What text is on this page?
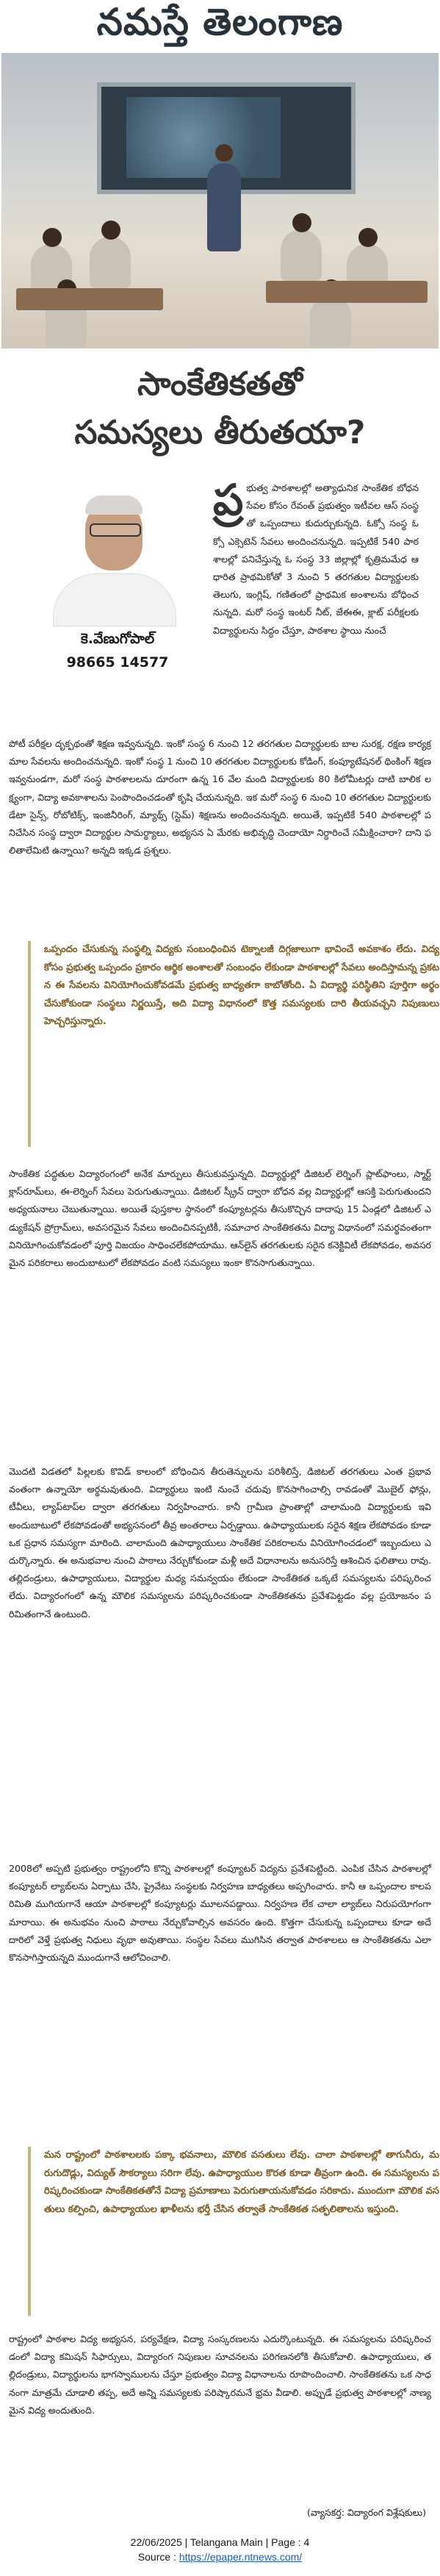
నమస్తే తెలంగాణ
సాంకేతికతతో
సమస్యలు తీరుతయా?
కె.వేణుగోపాల్
98665 14577
ప్ర భుత్వ పాఠశాలల్లో అత్యాధునిక సాంకేతిక బోధన సేవల కోసం రేవంత్ ప్రభుత్వం ఇటీవల ఆస్ సంస్థతో ఒప్పందాలు కుదుర్చుకున్నది. ఓక్సో సంస్థ ఓక్సో ఎక్సెటెన్ సేవలు అందించనున్నది. ఇప్పటికే 540 పాఠశాలల్లో పనిచేస్తున్న ఓ సంస్థ 33 జిల్లాల్లో కృత్రిమమేధ ఆధారిత ప్రాథమికోతో 3 నుంచి 5 తరగతుల విద్యార్థులకు తెలుగు, ఇంగ్లిష్, గణితంలో ప్రాథమిక అంశాలను బోధించనున్నది. మరో సంస్థ ఇంటర్ నీట్, జేఈఈ, క్లాట్ పరీక్షలకు విద్యార్థులను సిద్ధం చేస్తూ, పాఠశాల స్థాయి నుంచే
పోటీ పరీక్షల దృక్పథంతో శిక్షణ ఇవ్వనున్నది. ఇంకో సంస్థ 6 నుంచి 12 తరగతుల విద్యార్థులకు బాల సురక్ష, రక్షణ కార్యక్రమాల సేవలను అందించనున్నది. ఇంకో సంస్థ 1 నుంచి 10 తరగతుల విద్యార్థులకు కోడింగ్, కంప్యూటేషనల్ థింకింగ్ శిక్షణ ఇవ్వనుండగా, మరో సంస్థ పాఠశాలలను దూరంగా ఉన్న 16 వేల మంది విద్యార్థులకు 80 కిలోమీటర్లు దాటి బాలిక లక్ష్యంగా, విద్యా అవకాశాలను పెంపొందించడంతో కృషి చేయనున్నది. ఇక మరో సంస్థ 6 నుంచి 10 తరగతుల విద్యార్థులకు డేటా సైన్స్, రోబోటిక్స్, ఇంజినీరింగ్, మ్యాథ్స్ (స్టెమ్) శిక్షణను అందించనున్నది. అయితే, ఇప్పటికే 540 పాఠశాలల్లో పనిచేసిన సంస్థ ద్వారా విద్యార్థుల సామర్థ్యాలు, అభ్యసన ఏ మేరకు అభివృద్ధి చెందాయో నిర్ధారించే సమీక్షించారా? దాని ఫలితాలేమిటి ఉన్నాయి? అన్నది ఇక్కడ ప్రశ్నలు.
ఒప్పందం చేసుకున్న సంస్థల్ని విద్యకు సంబంధించిన టెక్నాలజీ దిగ్గజాలుగా భావించే అవకాశం లేదు. విద్య కోసం ప్రభుత్వ ఒప్పందం ప్రకారం ఆర్థిక అంశాలతో సంబంధం లేకుండా పాఠశాలల్లో సేవలు అందిస్తామన్న ప్రకటన ఈ సేవలను వినియోగించుకోవడమే ప్రభుత్వ బాధ్యతగా కాబోతోంది. ఏ విద్యార్థి పరిస్థితిని పూర్తిగా అర్థం చేసుకోకుండా సంస్థలు నిర్ణయిస్తే, అది విద్యా విధానంలో కొత్త సమస్యలకు దారి తీయవచ్చని నిపుణులు హెచ్చరిస్తున్నారు.
సాంకేతిక పద్ధతుల విద్యారంగంలో అనేక మార్పులు తీసుకువస్తున్నది. విద్యార్థుల్లో డిజిటల్ లెర్నింగ్ ప్లాట్‌ఫాంలు, స్మార్ట్ క్లాస్‌రూమ్‌లు, ఈ-లెర్నింగ్ సేవలు పెరుగుతున్నాయి. డిజిటల్ స్క్రీన్ ద్వారా బోధన వల్ల విద్యార్థుల్లో ఆసక్తి పెరుగుతుందని అధ్యయనాలు చెబుతున్నాయి. అయితే పుస్తకాల స్థానంలో కంప్యూటర్లను తీసుకొచ్చిన దాదాపు 15 ఏండ్లలో డిజిటల్ ఎడ్యుకేషన్ ప్రోగ్రామ్‌లు, అవసరమైన సేవలు అందించినప్పటికీ, సమాచార సాంకేతికతను విద్యా విధానంలో సమర్థవంతంగా వినియోగించుకోవడంలో పూర్తి విజయం సాధించలేకపోయాము. ఆన్‌లైన్ తరగతులకు సరైన కనెక్టివిటీ లేకపోవడం, అవసరమైన పరికరాలు అందుబాటులో లేకపోవడం వంటి సమస్యలు ఇంకా కొనసాగుతున్నాయి.
మొదటి విడతలో పిల్లలకు కొవిడ్ కాలంలో బోధించిన తీరుతెన్నులను పరిశీలిస్తే, డిజిటల్ తరగతులు ఎంత ప్రభావవంతంగా ఉన్నాయో అర్థమవుతుంది. విద్యార్థులు ఇంటి నుంచే చదువు కొనసాగించాల్సి రావడంతో మొబైల్ ఫోన్లు, టీవీలు, ల్యాప్‌టాప్‌ల ద్వారా తరగతులు నిర్వహించారు. కానీ గ్రామీణ ప్రాంతాల్లో చాలామంది విద్యార్థులకు ఇవి అందుబాటులో లేకపోవడంతో అభ్యసనంలో తీవ్ర అంతరాలు ఏర్పడ్డాయి. ఉపాధ్యాయులకు సరైన శిక్షణ లేకపోవడం కూడా ఒక ప్రధాన సమస్యగా మారింది. చాలామంది ఉపాధ్యాయులు సాంకేతిక పరికరాలను వినియోగించడంలో ఇబ్బందులు ఎదుర్కొన్నారు. ఈ అనుభవాల నుంచి పాఠాలు నేర్చుకోకుండా మళ్లీ అదే విధానాలను అనుసరిస్తే ఆశించిన ఫలితాలు రావు. తల్లిదండ్రులు, ఉపాధ్యాయులు, విద్యార్థుల మధ్య సమన్వయం లేకుండా సాంకేతికత ఒక్కటే సమస్యలను పరిష్కరించలేదు. విద్యారంగంలో ఉన్న మౌలిక సమస్యలను పరిష్కరించకుండా సాంకేతికతను ప్రవేశపెట్టడం వల్ల ప్రయోజనం పరిమితంగానే ఉంటుంది.
2008లో అప్పటి ప్రభుత్వం రాష్ట్రంలోని కొన్ని పాఠశాలల్లో కంప్యూటర్ విద్యను ప్రవేశపెట్టింది. ఎంపిక చేసిన పాఠశాలల్లో కంప్యూటర్ ల్యాబ్‌లను ఏర్పాటు చేసి, ప్రైవేటు సంస్థలకు నిర్వహణ బాధ్యతలు అప్పగించారు. కానీ ఆ ఒప్పందాల కాలపరిమితి ముగియగానే ఆయా పాఠశాలల్లో కంప్యూటర్లు మూలనపడ్డాయి. నిర్వహణ లేక చాలా ల్యాబ్‌లు నిరుపయోగంగా మారాయి. ఈ అనుభవం నుంచి పాఠాలు నేర్చుకోవాల్సిన అవసరం ఉంది. కొత్తగా చేసుకున్న ఒప్పందాలు కూడా అదే దారిలో వెళ్తే ప్రభుత్వ నిధులు వృథా అవుతాయి. సంస్థల సేవలు ముగిసిన తర్వాత పాఠశాలలు ఆ సాంకేతికతను ఎలా కొనసాగిస్తాయన్నది ముందుగానే ఆలోచించాలి.
మన రాష్ట్రంలో పాఠశాలలకు పక్కా భవనాలు, మౌలిక వసతులు లేవు. చాలా పాఠశాలల్లో తాగునీరు, మరుగుదొడ్లు, విద్యుత్ సౌకర్యాలు సరిగా లేవు. ఉపాధ్యాయుల కొరత కూడా తీవ్రంగా ఉంది. ఈ సమస్యలను పరిష్కరించకుండా సాంకేతికతతోనే విద్యా ప్రమాణాలు పెరుగుతాయనుకోవడం సరికాదు. ముందుగా మౌలిక వసతులు కల్పించి, ఉపాధ్యాయుల ఖాళీలను భర్తీ చేసిన తర్వాతే సాంకేతికత సత్ఫలితాలను ఇస్తుంది.
రాష్ట్రంలో పాఠశాల విద్య అభ్యసన, పర్యవేక్షణ, విద్యా సంస్కరణలను ఎదుర్కొంటున్నది. ఈ సమస్యలను పరిష్కరించడంలో విద్యా కమిషన్ సిఫార్సులు, విద్యారంగ నిపుణుల సూచనలను పరిగణనలోకి తీసుకోవాలి. ఉపాధ్యాయులు, తల్లిదండ్రులు, విద్యార్థులను భాగస్వాములను చేస్తూ ప్రభుత్వం విద్యా విధానాలను రూపొందించాలి. సాంకేతికతను ఒక సాధనంగా మాత్రమే చూడాలి తప్ప, అదే అన్ని సమస్యలకు పరిష్కారమనే భ్రమ వీడాలి. అప్పుడే ప్రభుత్వ పాఠశాలల్లో నాణ్యమైన విద్య అందుతుంది.
(వ్యాసకర్త: విద్యారంగ విశ్లేషకులు)
22/06/2025 | Telangana Main | Page : 4
Source : https://epaper.ntnews.com/
